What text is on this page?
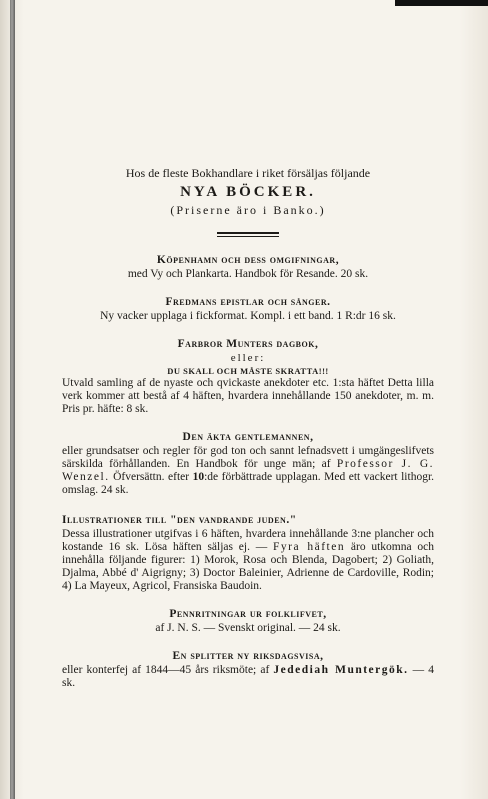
Hos de fleste Bokhandlare i riket försäljas följande
NYA BÖCKER.
(Priserne äro i Banko.)
Köpenhamn och dess omgifningar,
med Vy och Plankarta. Handbok för Resande. 20 sk.
Fredmans epistlar och sånger.
Ny vacker upplaga i fickformat. Kompl. i ett band. 1 R:dr 16 sk.
Farbror Munters dagbok,
eller:
DU SKALL OCH MÅSTE SKRATTA!!!
Utvald samling af de nyaste och qvickaste anekdoter etc. 1:sta häftet Detta lilla verk kommer att bestå af 4 häften, hvardera innehållande 150 anekdoter, m. m. Pris pr. häfte: 8 sk.
Den äkta gentlemannen,
eller grundsatser och regler för god ton och sannt lefnadsvett i umgängeslifvets särskilda förhållanden. En Handbok för unge män; af Professor J. G. Wenzel. Öfversättn. efter 10:de förbättrade upplagan. Med ett vackert lithogr. omslag. 24 sk.
Illustrationer till "den vandrande juden."
Dessa illustrationer utgifvas i 6 häften, hvardera innehållande 3:ne plancher och kostande 16 sk. Lösa häften säljas ej. — Fyra häften äro utkomna och innehålla följande figurer: 1) Morok, Rosa och Blenda, Dagobert; 2) Goliath, Djalma, Abbé d' Aigrigny; 3) Doctor Baleinier, Adrienne de Cardoville, Rodin; 4) La Mayeux, Agricol, Fransiska Baudoin.
Pennritningar ur folklifvet,
af J. N. S. — Svenskt original. — 24 sk.
En splitter ny riksdagsvisa,
eller konterfej af 1844—45 års riksmöte; af Jedediah Muntergök. — 4 sk.
